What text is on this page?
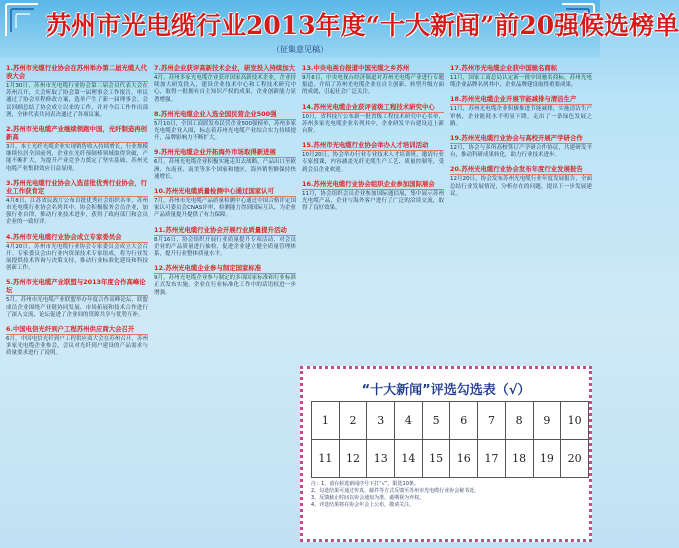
苏州市光电缆行业2013年度“十大新闻”前20强候选榜单
（征集意见稿）
1.苏州市光缆行业协会在苏州举办第二届光缆人代表大会
1月30日，苏州市光电缆行业协会第二届会员代表大会在苏州召开，大会听取了协会第一届理事会工作报告，审议通过了协会章程修改方案，选举产生了新一届理事会。会议回顾总结了协会成立以来的工作，并对今后工作作出部署，全体代表共同表决通过了各项议案。
2.苏州市光电缆产业继续领跑中国，光纤制造再创新高
3月，本土光纤光缆企业实现销售收入持续增长，行业规模继续位居全国前列，企业在光纤预制棒领域取得突破，产能不断扩大，为提升产业竞争力奠定了坚实基础，苏州光电缆产业集群效应日益显现。
3.苏州光电缆行业协会入选首批优秀行业协会，行业工作获肯定
4月8日，江苏省民政厅公布首批优秀社会组织名单，苏州市光电缆行业协会名列其中。协会积极服务会员企业，加强行业自律，推动行业技术进步，获得了政府部门和会员企业的一致好评。
4.苏州市光电缆行业协会成立专家委员会
4月20日，苏州市光电缆行业协会专家委员会成立大会召开。专家委员会由行业内资深技术专家组成，将为行业发展提供技术咨询与决策支持，推动行业标准化建设和科技创新工作。
5.苏州市光电缆产业联盟与2013年度合作高峰论坛
5月，苏州市光电缆产业联盟举办年度合作高峰论坛，联盟成员企业围绕产业链协同发展、市场拓展和技术合作进行了深入交流，论坛促进了企业间的资源共享与优势互补。
6.中国电信光纤到户工程苏州供应商大会召开
6月，中国电信光纤到户工程供应商大会在苏州召开，苏州多家光电缆企业参会，会议对光纤到户建设的产品需求与质量要求进行了说明。
7.苏州企业获评高新技术企业，研发投入持续加大
4月，苏州多家光电缆企业获评国家高新技术企业，企业持续加大研发投入，建设企业技术中心和工程技术研究中心，取得一批拥有自主知识产权的成果，企业创新能力显著增强。
8.苏州光电缆企业入选全国民营企业500强
5月10日，全国工商联发布民营企业500强榜单，苏州多家光电缆企业入围，标志着苏州光电缆产业综合实力持续提升，品牌影响力不断扩大。
9.苏州光电缆企业开拓海外市场取得新进展
6月，苏州光电缆企业积极实施走出去战略，产品出口至欧洲、东南亚、南美等多个国家和地区，海外销售额保持快速增长。
10.苏州光电缆质量检测中心通过国家认可
7月，苏州市光电缆产品质量检测中心通过中国合格评定国家认可委员会CNAS评审，检测能力得到国际互认，为企业产品质量提升提供了有力保障。
11.苏州光电缆行业协会开展行业质量提升活动
8月16日，协会组织开展行业质量提升专项活动，对会员企业的产品质量进行抽检，促进企业建立健全质量管理体系，提升行业整体质量水平。
12.苏州光电缆企业参与制定国家标准
9月，苏州光电缆企业参与制定的多项国家标准和行业标准正式发布实施，企业在行业标准化工作中的话语权进一步增强。
13.中央电视台报道中国光缆之乡苏州
9月6日，中央电视台经济频道对苏州光电缆产业进行专题报道，介绍了苏州光电缆企业在自主创新、转型升级方面的成就，引起社会广泛关注。
14.苏州光电缆企业获评省级工程技术研究中心
10月，省科技厅公布新一批省级工程技术研究中心名单，苏州多家光电缆企业名列其中，企业研发平台建设迈上新台阶。
15.苏州市光电缆行业协会举办人才培训活动
10月20日，协会举办行业专业技术人才培训班，邀请行业专家授课，内容涵盖光纤光缆生产工艺、质量控制等，受到会员企业欢迎。
16.苏州光电缆行业协会组织企业参加国际展会
11月，协会组织会员企业参加国际通信展，集中展示苏州光电缆产品，企业与海外客户进行了广泛的洽谈交流，取得了良好效果。
17.苏州市光电缆企业获中国驰名商标
11月，国家工商总局认定新一批中国驰名商标，苏州光电缆企业品牌名列其中，企业品牌建设取得重要成果。
18.苏州光电缆企业开展节能减排与清洁生产
11月，苏州光电缆企业积极推进节能减排，实施清洁生产审核，企业能耗水平明显下降，走出了一条绿色发展之路。
19.苏州光电缆行业协会与高校开展产学研合作
12月，协会与多所高校签订产学研合作协议，共建研发平台，推动科研成果转化，助力行业技术进步。
20.苏州光电缆行业协会发布年度行业发展报告
12月20日，协会发布苏州光电缆行业年度发展报告，全面总结行业发展情况，分析存在的问题，提出下一步发展建议。
“十大新闻”评选勾选表（√）
1	2	3	4	5	6	7	8	9	10
11	12	13	14	15	16	17	18	19	20
注：1、请在候选新闻序号下打“√”，限选10条。
2、勾选结果可通过传真、邮件等方式反馈至苏州市光电缆行业协会秘书处。
3、反馈截止时间以协会通知为准，逾期视为弃权。
4、评选结果将在协会年会上公布，敬请关注。
